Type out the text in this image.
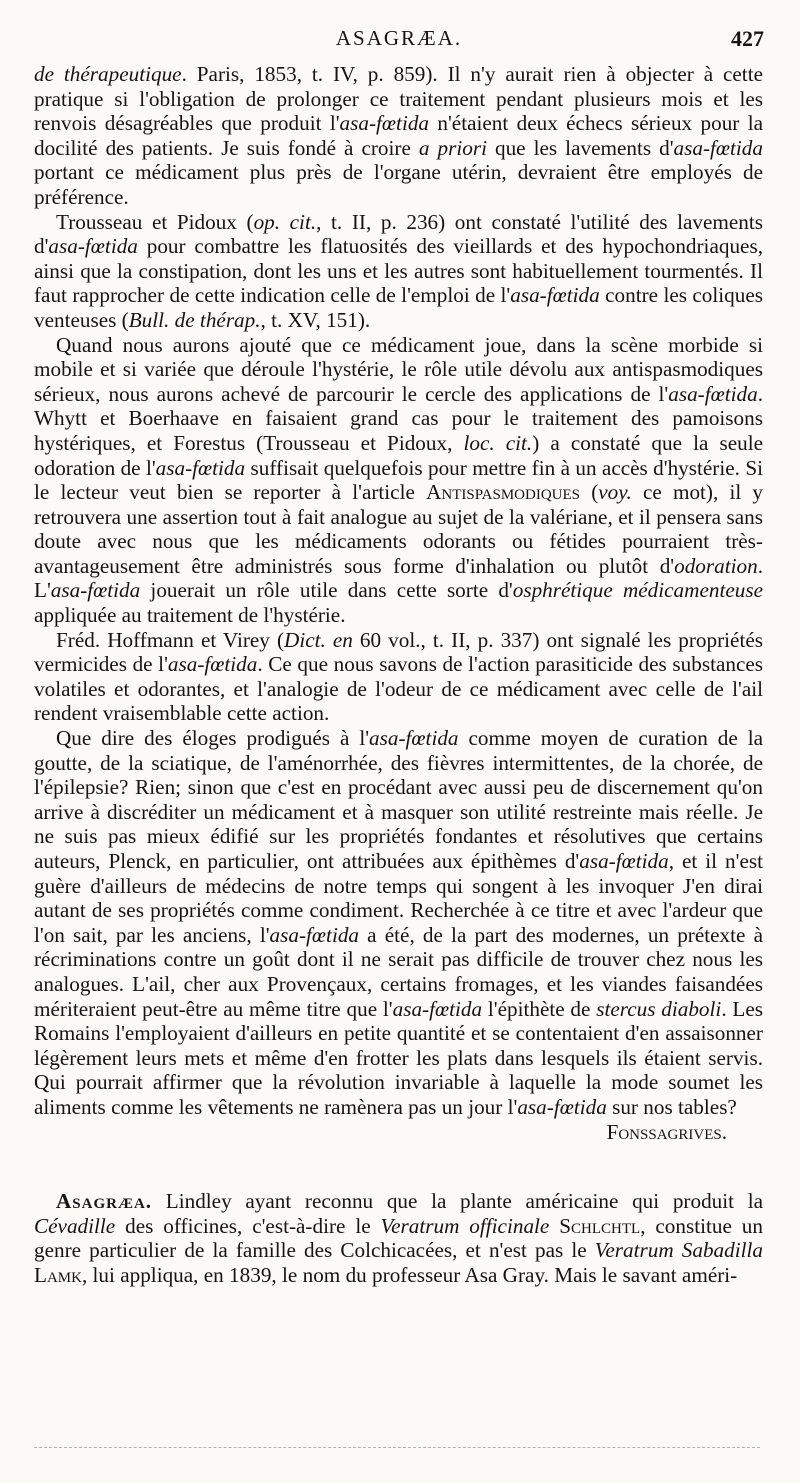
ASAGRÆA.	427

de thérapeutique. Paris, 1853, t. IV, p. 859). Il n'y aurait rien à objecter à cette pratique si l'obligation de prolonger ce traitement pendant plusieurs mois et les renvois désagréables que produit l'asa-fœtida n'étaient deux échecs sérieux pour la docilité des patients. Je suis fondé à croire a priori que les lavements d'asa-fœtida portant ce médicament plus près de l'organe utérin, devraient être employés de préférence.

Trousseau et Pidoux (op. cit., t. II, p. 236) ont constaté l'utilité des lavements d'asa-fœtida pour combattre les flatuosités des vieillards et des hypochondriaques, ainsi que la constipation, dont les uns et les autres sont habituellement tourmentés. Il faut rapprocher de cette indication celle de l'emploi de l'asa-fœtida contre les coliques venteuses (Bull. de thérap., t. XV, 151).

Quand nous aurons ajouté que ce médicament joue, dans la scène morbide si mobile et si variée que déroule l'hystérie, le rôle utile dévolu aux antispasmodiques sérieux, nous aurons achevé de parcourir le cercle des applications de l'asa-fœtida. Whytt et Boerhaave en faisaient grand cas pour le traitement des pamoisons hystériques, et Forestus (Trousseau et Pidoux, loc. cit.) a constaté que la seule odoration de l'asa-fœtida suffisait quelquefois pour mettre fin à un accès d'hystérie. Si le lecteur veut bien se reporter à l'article Antispasmodiques (voy. ce mot), il y retrouvera une assertion tout à fait analogue au sujet de la valériane, et il pensera sans doute avec nous que les médicaments odorants ou fétides pourraient très-avantageusement être administrés sous forme d'inhalation ou plutôt d'odoration. L'asa-fœtida jouerait un rôle utile dans cette sorte d'osphrétique médicamenteuse appliquée au traitement de l'hystérie.

Fréd. Hoffmann et Virey (Dict. en 60 vol., t. II, p. 337) ont signalé les propriétés vermicides de l'asa-fœtida. Ce que nous savons de l'action parasiticide des substances volatiles et odorantes, et l'analogie de l'odeur de ce médicament avec celle de l'ail rendent vraisemblable cette action.

Que dire des éloges prodigués à l'asa-fœtida comme moyen de curation de la goutte, de la sciatique, de l'aménorrhée, des fièvres intermittentes, de la chorée, de l'épilepsie? Rien; sinon que c'est en procédant avec aussi peu de discernement qu'on arrive à discréditer un médicament et à masquer son utilité restreinte mais réelle. Je ne suis pas mieux édifié sur les propriétés fondantes et résolutives que certains auteurs, Plenck, en particulier, ont attribuées aux épithèmes d'asa-fœtida, et il n'est guère d'ailleurs de médecins de notre temps qui songent à les invoquer J'en dirai autant de ses propriétés comme condiment. Recherchée à ce titre et avec l'ardeur que l'on sait, par les anciens, l'asa-fœtida a été, de la part des modernes, un prétexte à récriminations contre un goût dont il ne serait pas difficile de trouver chez nous les analogues. L'ail, cher aux Provençaux, certains fromages, et les viandes faisandées mériteraient peut-être au même titre que l'asa-fœtida l'épithète de stercus diaboli. Les Romains l'employaient d'ailleurs en petite quantité et se contentaient d'en assaisonner légèrement leurs mets et même d'en frotter les plats dans lesquels ils étaient servis. Qui pourrait affirmer que la révolution invariable à laquelle la mode soumet les aliments comme les vêtements ne ramènera pas un jour l'asa-fœtida sur nos tables?

Fonssagrives.

Asagræa. Lindley ayant reconnu que la plante américaine qui produit la Cévadille des officines, c'est-à-dire le Veratrum officinale Schlchtl, constitue un genre particulier de la famille des Colchicacées, et n'est pas le Veratrum Sabadilla Lamk, lui appliqua, en 1839, le nom du professeur Asa Gray. Mais le savant améri-
